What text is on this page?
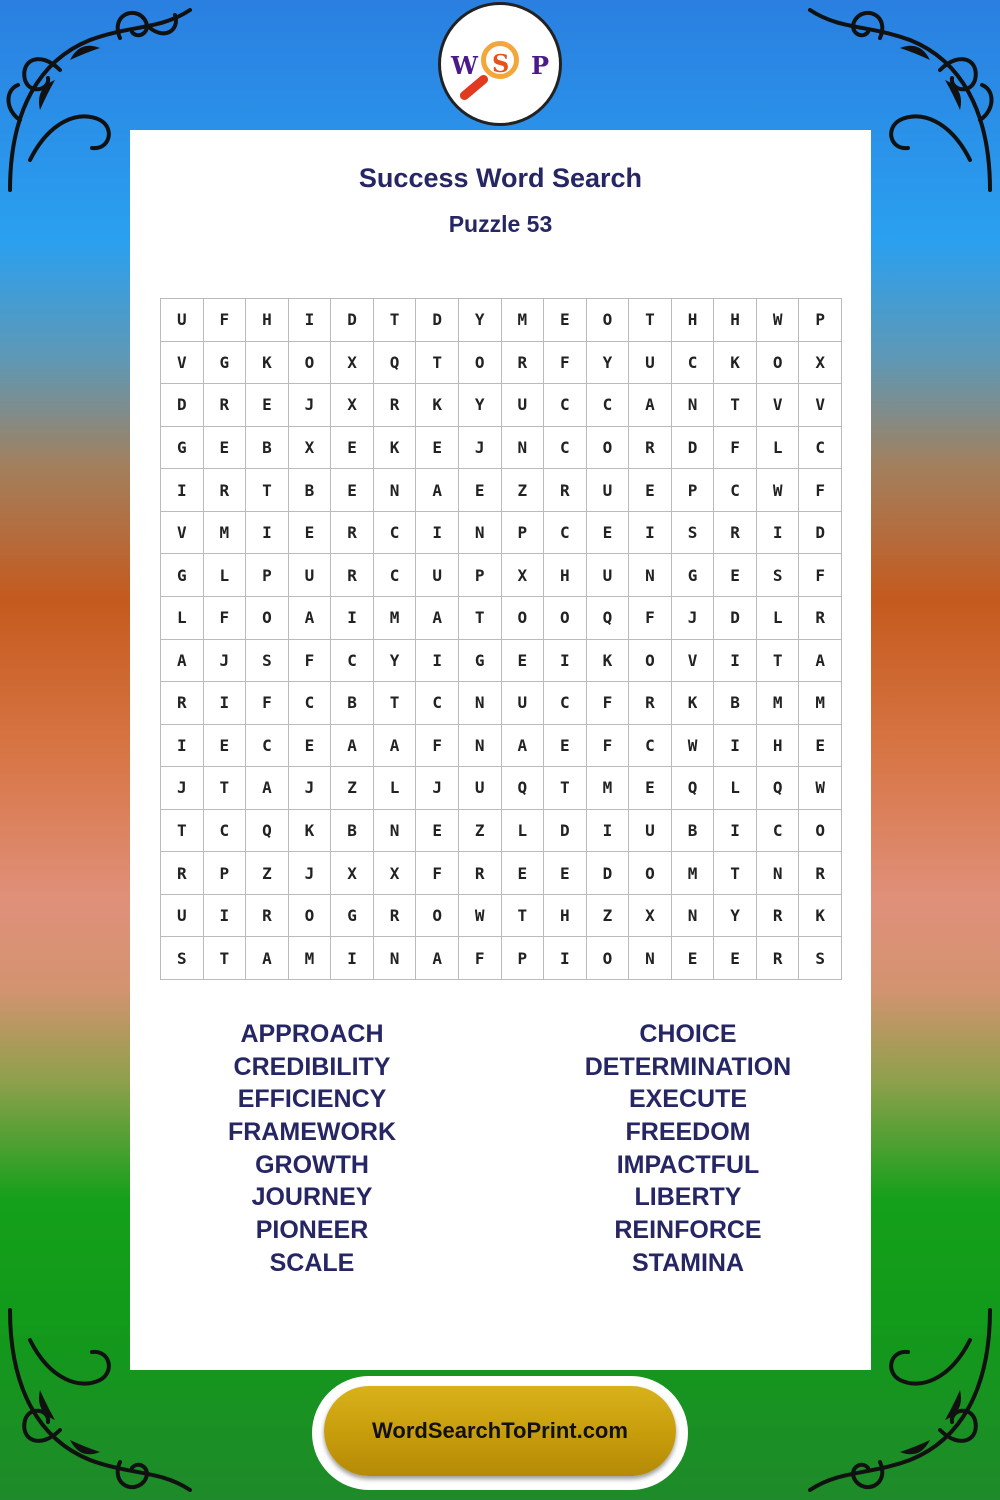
W S P
Success Word Search
Puzzle 53
U	F	H	I	D	T	D	Y	M	E	O	T	H	H	W	P
V	G	K	O	X	Q	T	O	R	F	Y	U	C	K	O	X
D	R	E	J	X	R	K	Y	U	C	C	A	N	T	V	V
G	E	B	X	E	K	E	J	N	C	O	R	D	F	L	C
I	R	T	B	E	N	A	E	Z	R	U	E	P	C	W	F
V	M	I	E	R	C	I	N	P	C	E	I	S	R	I	D
G	L	P	U	R	C	U	P	X	H	U	N	G	E	S	F
L	F	O	A	I	M	A	T	O	O	Q	F	J	D	L	R
A	J	S	F	C	Y	I	G	E	I	K	O	V	I	T	A
R	I	F	C	B	T	C	N	U	C	F	R	K	B	M	M
I	E	C	E	A	A	F	N	A	E	F	C	W	I	H	E
J	T	A	J	Z	L	J	U	Q	T	M	E	Q	L	Q	W
T	C	Q	K	B	N	E	Z	L	D	I	U	B	I	C	O
R	P	Z	J	X	X	F	R	E	E	D	O	M	T	N	R
U	I	R	O	G	R	O	W	T	H	Z	X	N	Y	R	K
S	T	A	M	I	N	A	F	P	I	O	N	E	E	R	S
APPROACH
CREDIBILITY
EFFICIENCY
FRAMEWORK
GROWTH
JOURNEY
PIONEER
SCALE
CHOICE
DETERMINATION
EXECUTE
FREEDOM
IMPACTFUL
LIBERTY
REINFORCE
STAMINA
WordSearchToPrint.com
